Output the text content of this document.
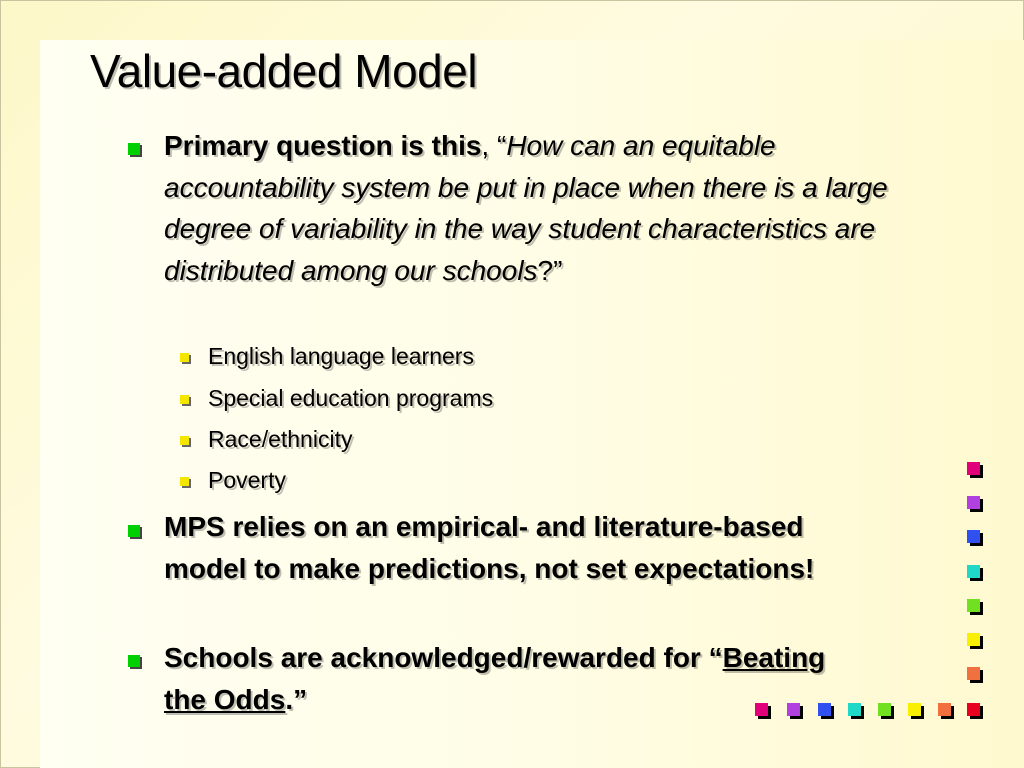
Value-added Model
Primary question is this, “How can an equitable accountability system be put in place when there is a large degree of variability in the way student characteristics are distributed among our schools?”
English language learners
Special education programs
Race/ethnicity
Poverty
MPS relies on an empirical- and literature-based model to make predictions, not set expectations!
Schools are acknowledged/rewarded for “Beating the Odds.”
